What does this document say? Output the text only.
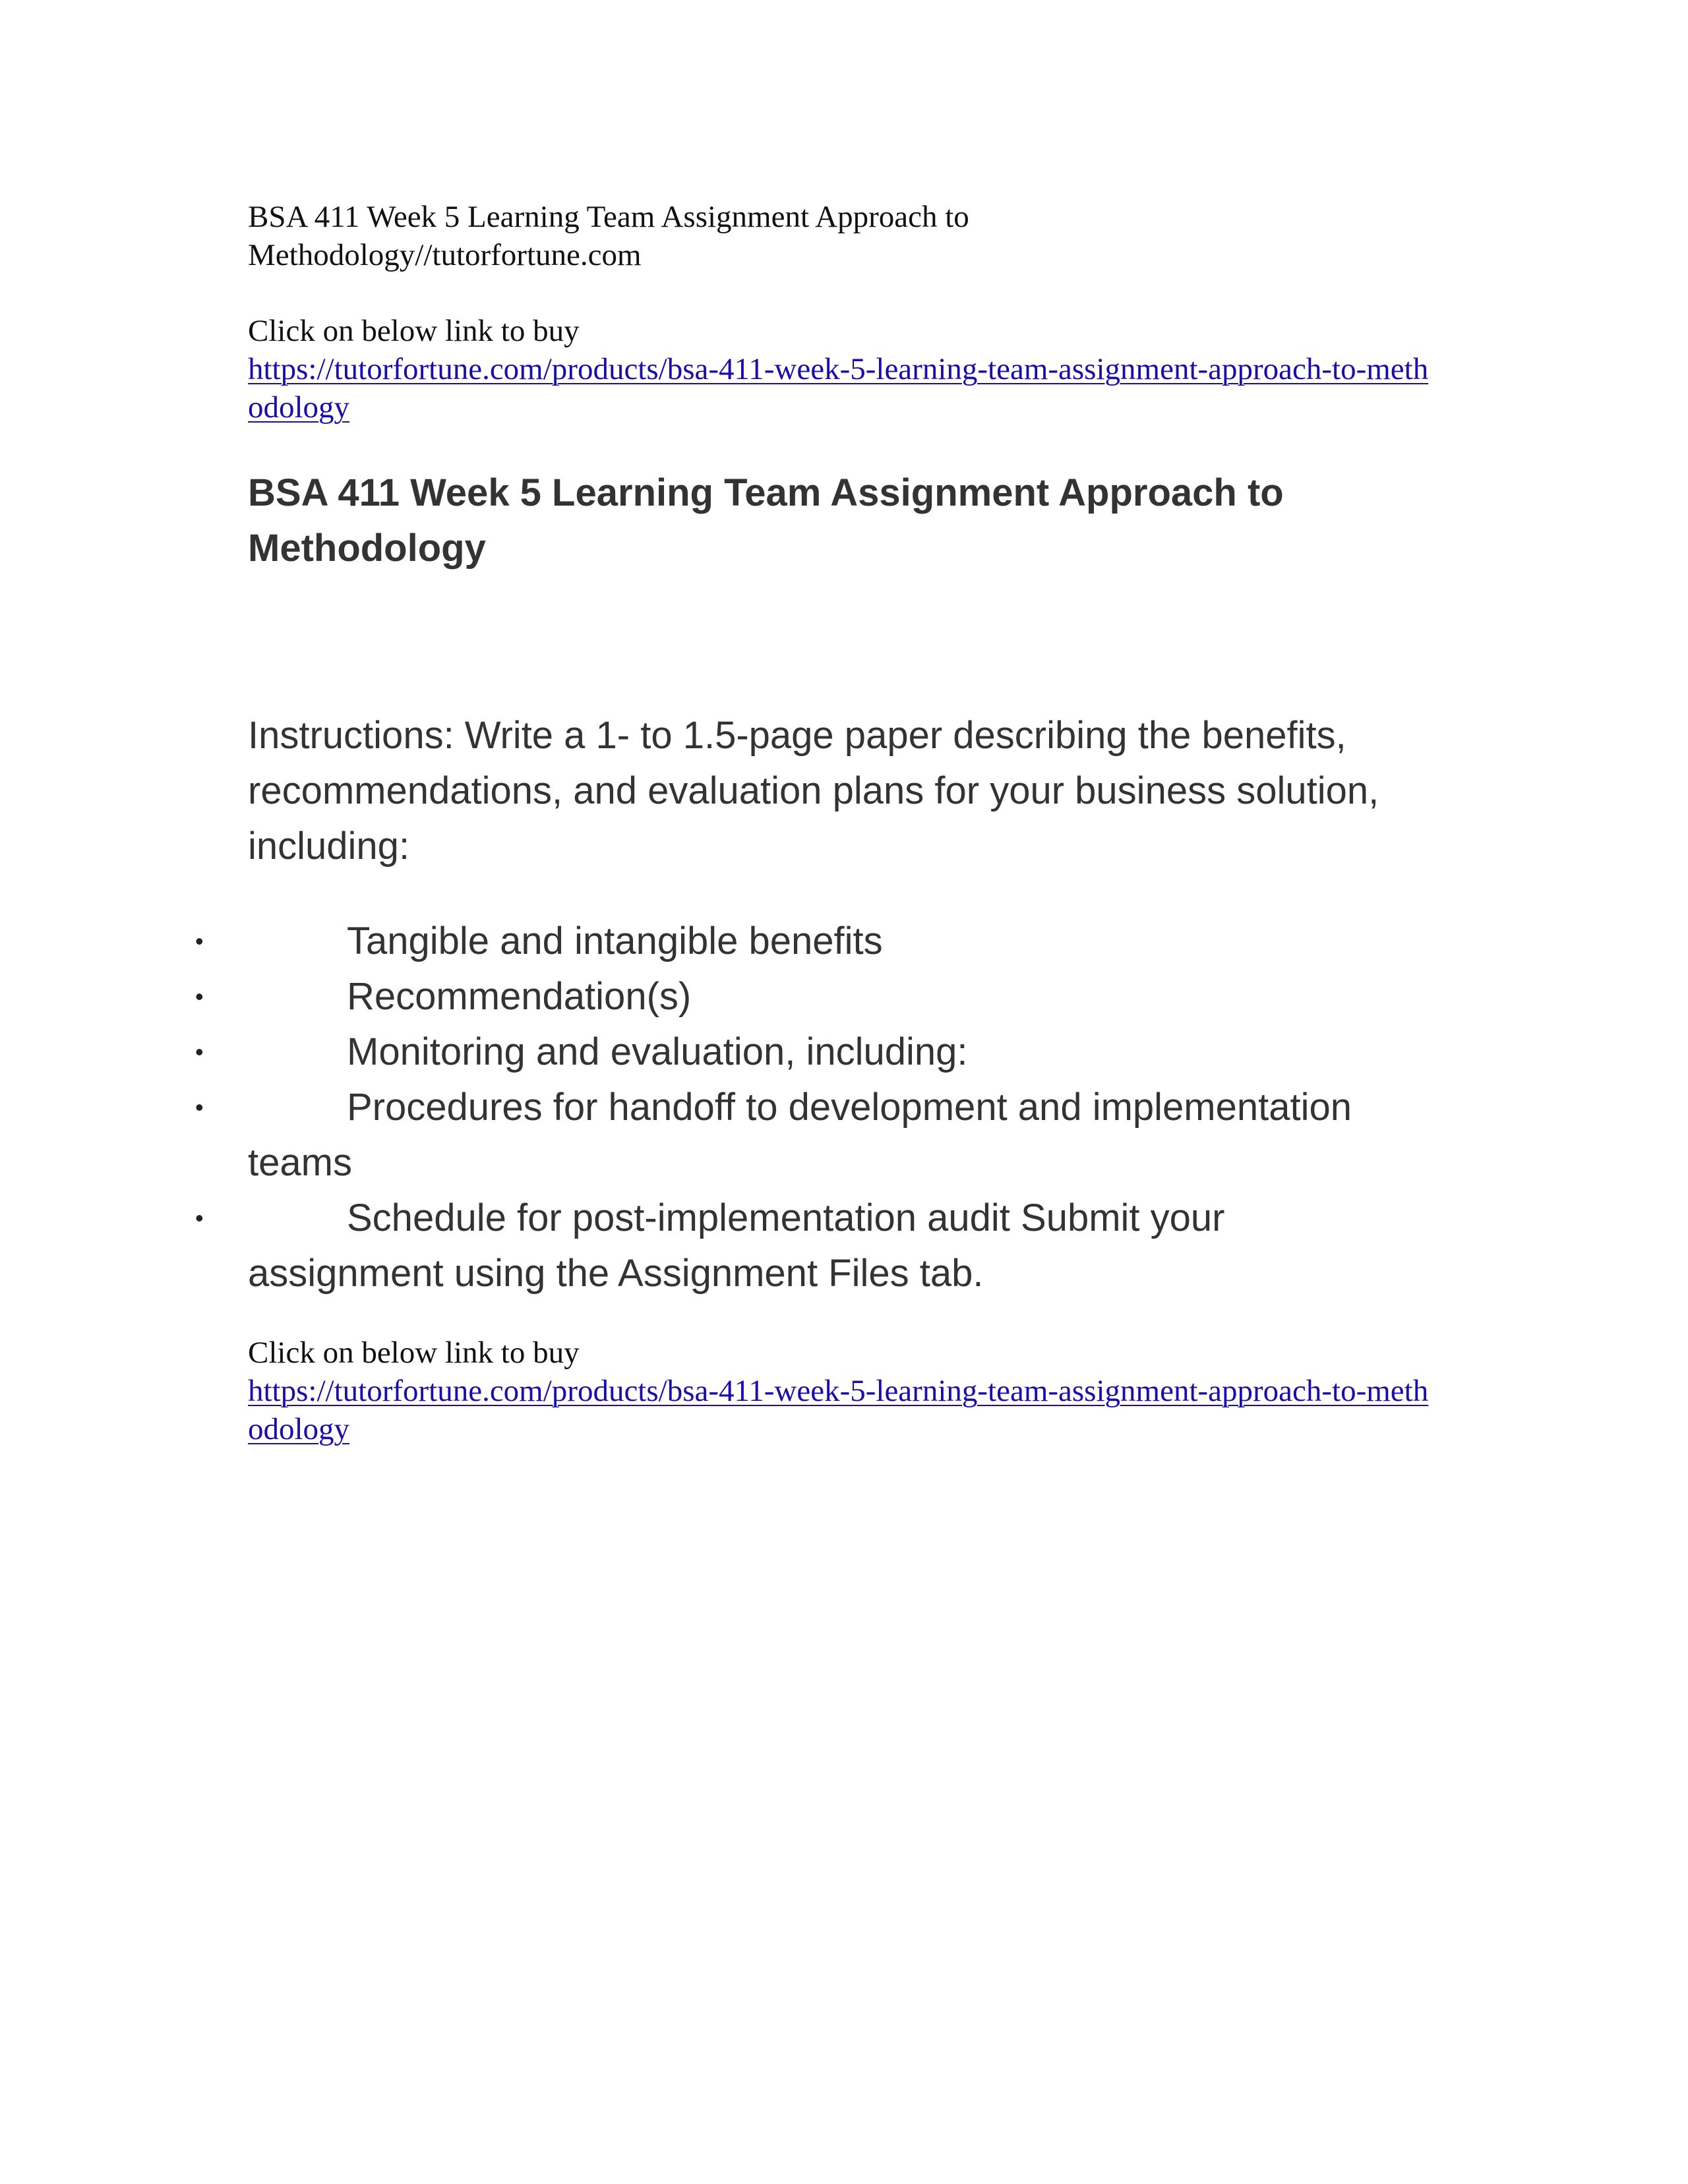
BSA 411 Week 5 Learning Team Assignment Approach to
Methodology//tutorfortune.com
Click on below link to buy
https://tutorfortune.com/products/bsa-411-week-5-learning-team-assignment-approach-to-methodology
BSA 411 Week 5 Learning Team Assignment Approach to Methodology

Instructions: Write a 1- to 1.5-page paper describing the benefits, recommendations, and evaluation plans for your business solution, including:

•	Tangible and intangible benefits
•	Recommendation(s)
•	Monitoring and evaluation, including:
•	Procedures for handoff to development and implementation teams
•	Schedule for post-implementation audit Submit your assignment using the Assignment Files tab.
Click on below link to buy
https://tutorfortune.com/products/bsa-411-week-5-learning-team-assignment-approach-to-methodology
